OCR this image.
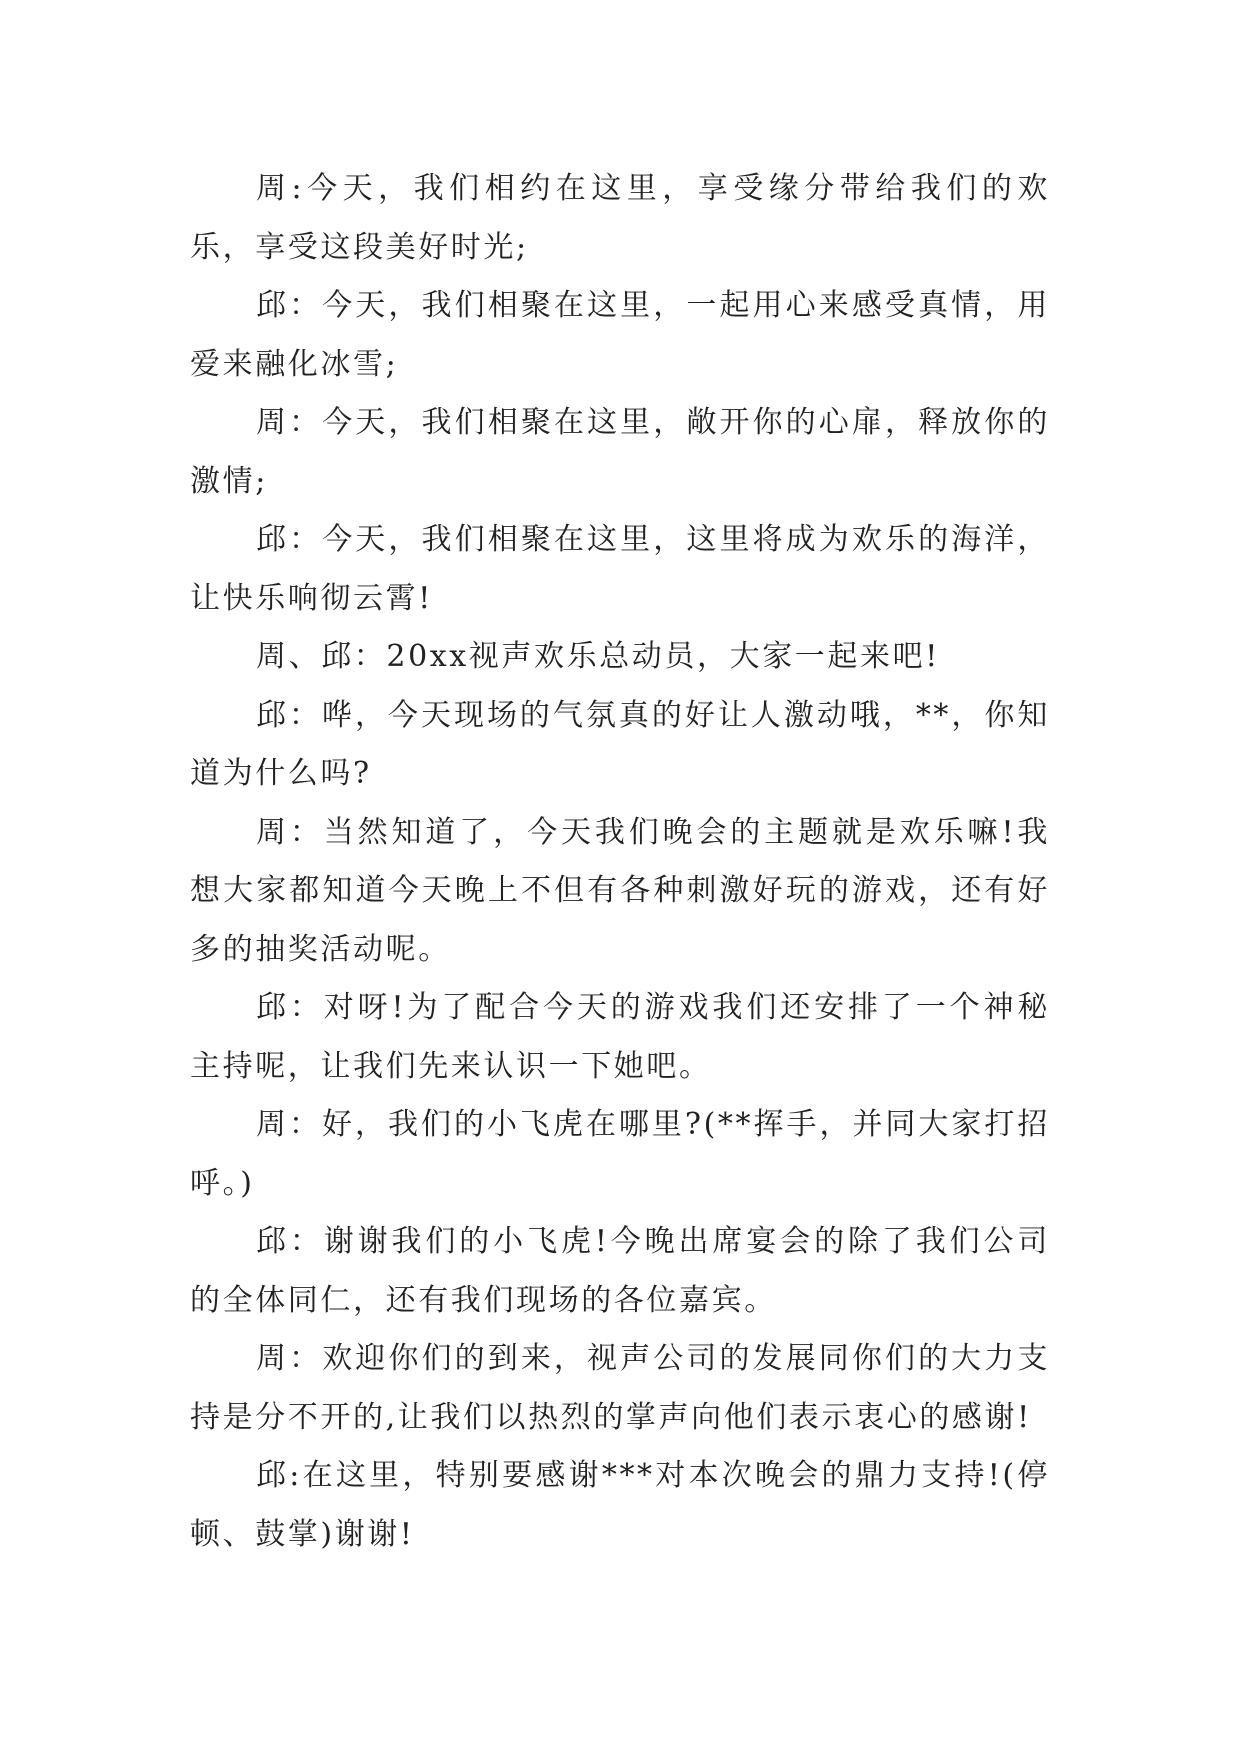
周:今天，我们相约在这里，享受缘分带给我们的欢乐，享受这段美好时光;

邱：今天，我们相聚在这里，一起用心来感受真情，用爱来融化冰雪;

周：今天，我们相聚在这里，敞开你的心扉，释放你的激情;

邱：今天，我们相聚在这里，这里将成为欢乐的海洋，让快乐响彻云霄!

周、邱：20xx视声欢乐总动员，大家一起来吧!

邱：哗，今天现场的气氛真的好让人激动哦，**，你知道为什么吗?

周：当然知道了，今天我们晚会的主题就是欢乐嘛!我想大家都知道今天晚上不但有各种刺激好玩的游戏，还有好多的抽奖活动呢。

邱：对呀!为了配合今天的游戏我们还安排了一个神秘主持呢，让我们先来认识一下她吧。

周：好，我们的小飞虎在哪里?(**挥手，并同大家打招呼。)

邱：谢谢我们的小飞虎!今晚出席宴会的除了我们公司的全体同仁，还有我们现场的各位嘉宾。

周：欢迎你们的到来，视声公司的发展同你们的大力支持是分不开的,让我们以热烈的掌声向他们表示衷心的感谢!

邱:在这里，特别要感谢***对本次晚会的鼎力支持!(停顿、鼓掌)谢谢!
